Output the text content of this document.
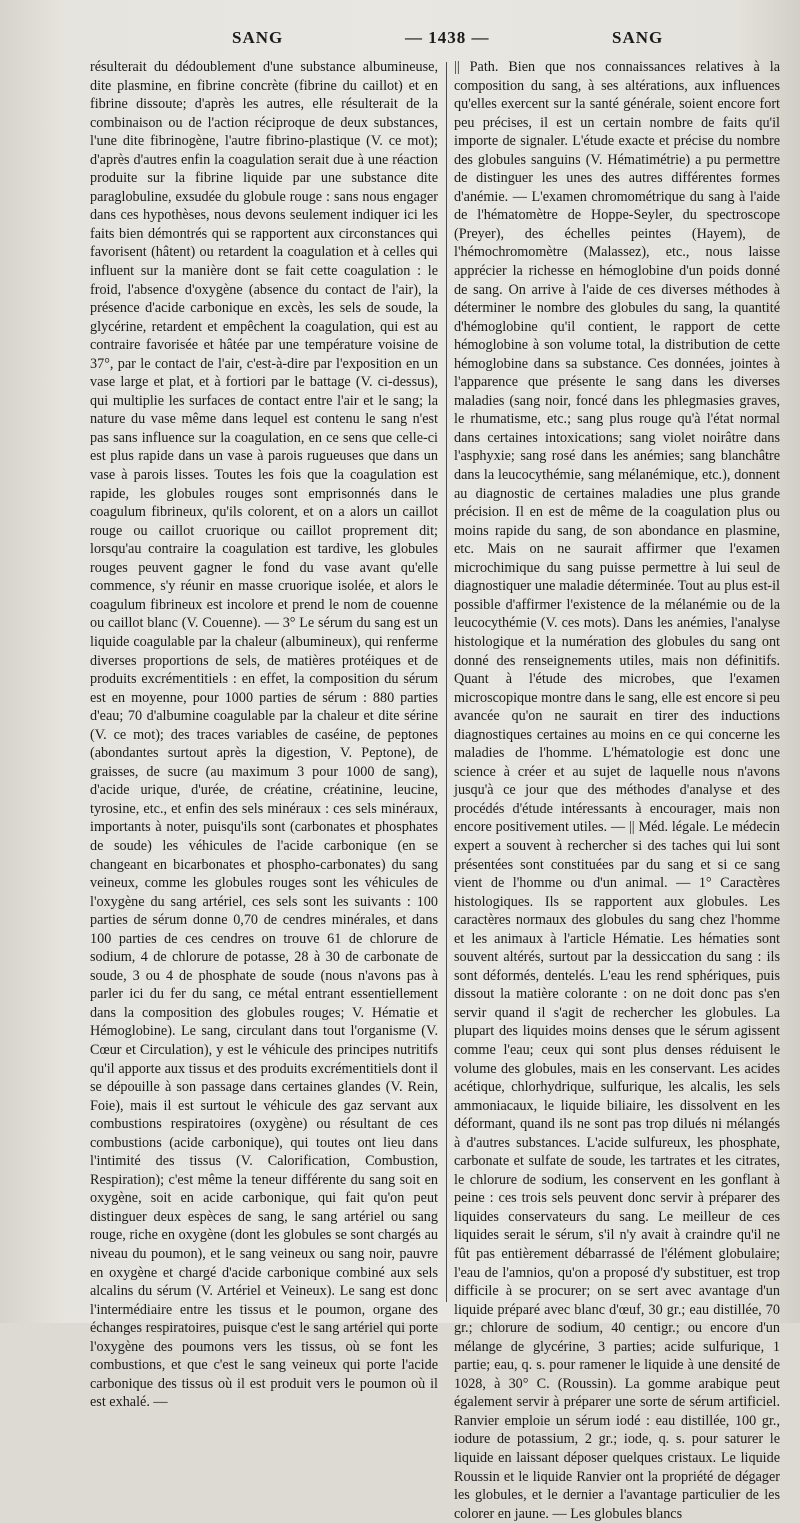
SANG	— 1438 —	SANG

résulterait du dédoublement d'une substance albumineuse, dite plasmine, en fibrine concrète (fibrine du caillot) et en fibrine dissoute; d'après les autres, elle résulterait de la combinaison ou de l'action réciproque de deux substances, l'une dite fibrinogène, l'autre fibrino-plastique (V. ce mot); d'après d'autres enfin la coagulation serait due à une réaction produite sur la fibrine liquide par une substance dite paraglobuline, exsudée du globule rouge : sans nous engager dans ces hypothèses, nous devons seulement indiquer ici les faits bien démontrés qui se rapportent aux circonstances qui favorisent (hâtent) ou retardent la coagulation et à celles qui influent sur la manière dont se fait cette coagulation : le froid, l'absence d'oxygène (absence du contact de l'air), la présence d'acide carbonique en excès, les sels de soude, la glycérine, retardent et empêchent la coagulation, qui est au contraire favorisée et hâtée par une température voisine de 37°, par le contact de l'air, c'est-à-dire par l'exposition en un vase large et plat, et à fortiori par le battage (V. ci-dessus), qui multiplie les surfaces de contact entre l'air et le sang; la nature du vase même dans lequel est contenu le sang n'est pas sans influence sur la coagulation, en ce sens que celle-ci est plus rapide dans un vase à parois rugueuses que dans un vase à parois lisses. Toutes les fois que la coagulation est rapide, les globules rouges sont emprisonnés dans le coagulum fibrineux, qu'ils colorent, et on a alors un caillot rouge ou caillot cruorique ou caillot proprement dit; lorsqu'au contraire la coagulation est tardive, les globules rouges peuvent gagner le fond du vase avant qu'elle commence, s'y réunir en masse cruorique isolée, et alors le coagulum fibrineux est incolore et prend le nom de couenne ou caillot blanc (V. Couenne). — 3° Le sérum du sang est un liquide coagulable par la chaleur (albumineux), qui renferme diverses proportions de sels, de matières protéiques et de produits excrémentitiels : en effet, la composition du sérum est en moyenne, pour 1000 parties de sérum : 880 parties d'eau; 70 d'albumine coagulable par la chaleur et dite sérine (V. ce mot); des traces variables de caséine, de peptones (abondantes surtout après la digestion, V. Peptone), de graisses, de sucre (au maximum 3 pour 1000 de sang), d'acide urique, d'urée, de créatine, créatinine, leucine, tyrosine, etc., et enfin des sels minéraux : ces sels minéraux, importants à noter, puisqu'ils sont (carbonates et phosphates de soude) les véhicules de l'acide carbonique (en se changeant en bicarbonates et phospho-carbonates) du sang veineux, comme les globules rouges sont les véhicules de l'oxygène du sang artériel, ces sels sont les suivants : 100 parties de sérum donne 0,70 de cendres minérales, et dans 100 parties de ces cendres on trouve 61 de chlorure de sodium, 4 de chlorure de potasse, 28 à 30 de carbonate de soude, 3 ou 4 de phosphate de soude (nous n'avons pas à parler ici du fer du sang, ce métal entrant essentiellement dans la composition des globules rouges; V. Hématie et Hémoglobine). Le sang, circulant dans tout l'organisme (V. Cœur et Circulation), y est le véhicule des principes nutritifs qu'il apporte aux tissus et des produits excrémentitiels dont il se dépouille à son passage dans certaines glandes (V. Rein, Foie), mais il est surtout le véhicule des gaz servant aux combustions respiratoires (oxygène) ou résultant de ces combustions (acide carbonique), qui toutes ont lieu dans l'intimité des tissus (V. Calorification, Combustion, Respiration); c'est même la teneur différente du sang soit en oxygène, soit en acide carbonique, qui fait qu'on peut distinguer deux espèces de sang, le sang artériel ou sang rouge, riche en oxygène (dont les globules se sont chargés au niveau du poumon), et le sang veineux ou sang noir, pauvre en oxygène et chargé d'acide carbonique combiné aux sels alcalins du sérum (V. Artériel et Veineux). Le sang est donc l'intermédiaire entre les tissus et le poumon, organe des échanges respiratoires, puisque c'est le sang artériel qui porte l'oxygène des poumons vers les tissus, où se font les combustions, et que c'est le sang veineux qui porte l'acide carbonique des tissus où il est produit vers le poumon où il est exhalé. —

|| Path. Bien que nos connaissances relatives à la composition du sang, à ses altérations, aux influences qu'elles exercent sur la santé générale, soient encore fort peu précises, il est un certain nombre de faits qu'il importe de signaler. L'étude exacte et précise du nombre des globules sanguins (V. Hématimétrie) a pu permettre de distinguer les unes des autres différentes formes d'anémie. — L'examen chromométrique du sang à l'aide de l'hématomètre de Hoppe-Seyler, du spectroscope (Preyer), des échelles peintes (Hayem), de l'hémochromomètre (Malassez), etc., nous laisse apprécier la richesse en hémoglobine d'un poids donné de sang. On arrive à l'aide de ces diverses méthodes à déterminer le nombre des globules du sang, la quantité d'hémoglobine qu'il contient, le rapport de cette hémoglobine à son volume total, la distribution de cette hémoglobine dans sa substance. Ces données, jointes à l'apparence que présente le sang dans les diverses maladies (sang noir, foncé dans les phlegmasies graves, le rhumatisme, etc.; sang plus rouge qu'à l'état normal dans certaines intoxications; sang violet noirâtre dans l'asphyxie; sang rosé dans les anémies; sang blanchâtre dans la leucocythémie, sang mélanémique, etc.), donnent au diagnostic de certaines maladies une plus grande précision. Il en est de même de la coagulation plus ou moins rapide du sang, de son abondance en plasmine, etc. Mais on ne saurait affirmer que l'examen microchimique du sang puisse permettre à lui seul de diagnostiquer une maladie déterminée. Tout au plus est-il possible d'affirmer l'existence de la mélanémie ou de la leucocythémie (V. ces mots). Dans les anémies, l'analyse histologique et la numération des globules du sang ont donné des renseignements utiles, mais non définitifs. Quant à l'étude des microbes, que l'examen microscopique montre dans le sang, elle est encore si peu avancée qu'on ne saurait en tirer des inductions diagnostiques certaines au moins en ce qui concerne les maladies de l'homme. L'hématologie est donc une science à créer et au sujet de laquelle nous n'avons jusqu'à ce jour que des méthodes d'analyse et des procédés d'étude intéressants à encourager, mais non encore positivement utiles. — || Méd. légale. Le médecin expert a souvent à rechercher si des taches qui lui sont présentées sont constituées par du sang et si ce sang vient de l'homme ou d'un animal. — 1° Caractères histologiques. Ils se rapportent aux globules. Les caractères normaux des globules du sang chez l'homme et les animaux à l'article Hématie. Les hématies sont souvent altérés, surtout par la dessiccation du sang : ils sont déformés, dentelés. L'eau les rend sphériques, puis dissout la matière colorante : on ne doit donc pas s'en servir quand il s'agit de rechercher les globules. La plupart des liquides moins denses que le sérum agissent comme l'eau; ceux qui sont plus denses réduisent le volume des globules, mais en les conservant. Les acides acétique, chlorhydrique, sulfurique, les alcalis, les sels ammoniacaux, le liquide biliaire, les dissolvent en les déformant, quand ils ne sont pas trop dilués ni mélangés à d'autres substances. L'acide sulfureux, les phosphate, carbonate et sulfate de soude, les tartrates et les citrates, le chlorure de sodium, les conservent en les gonflant à peine : ces trois sels peuvent donc servir à préparer des liquides conservateurs du sang. Le meilleur de ces liquides serait le sérum, s'il n'y avait à craindre qu'il ne fût pas entièrement débarrassé de l'élément globulaire; l'eau de l'amnios, qu'on a proposé d'y substituer, est trop difficile à se procurer; on se sert avec avantage d'un liquide préparé avec blanc d'œuf, 30 gr.; eau distillée, 70 gr.; chlorure de sodium, 40 centigr.; ou encore d'un mélange de glycérine, 3 parties; acide sulfurique, 1 partie; eau, q. s. pour ramener le liquide à une densité de 1028, à 30° C. (Roussin). La gomme arabique peut également servir à préparer une sorte de sérum artificiel. Ranvier emploie un sérum iodé : eau distillée, 100 gr., iodure de potassium, 2 gr.; iode, q. s. pour saturer le liquide en laissant déposer quelques cristaux. Le liquide Roussin et le liquide Ranvier ont la propriété de dégager les globules, et le dernier a l'avantage particulier de les colorer en jaune. — Les globules blancs
